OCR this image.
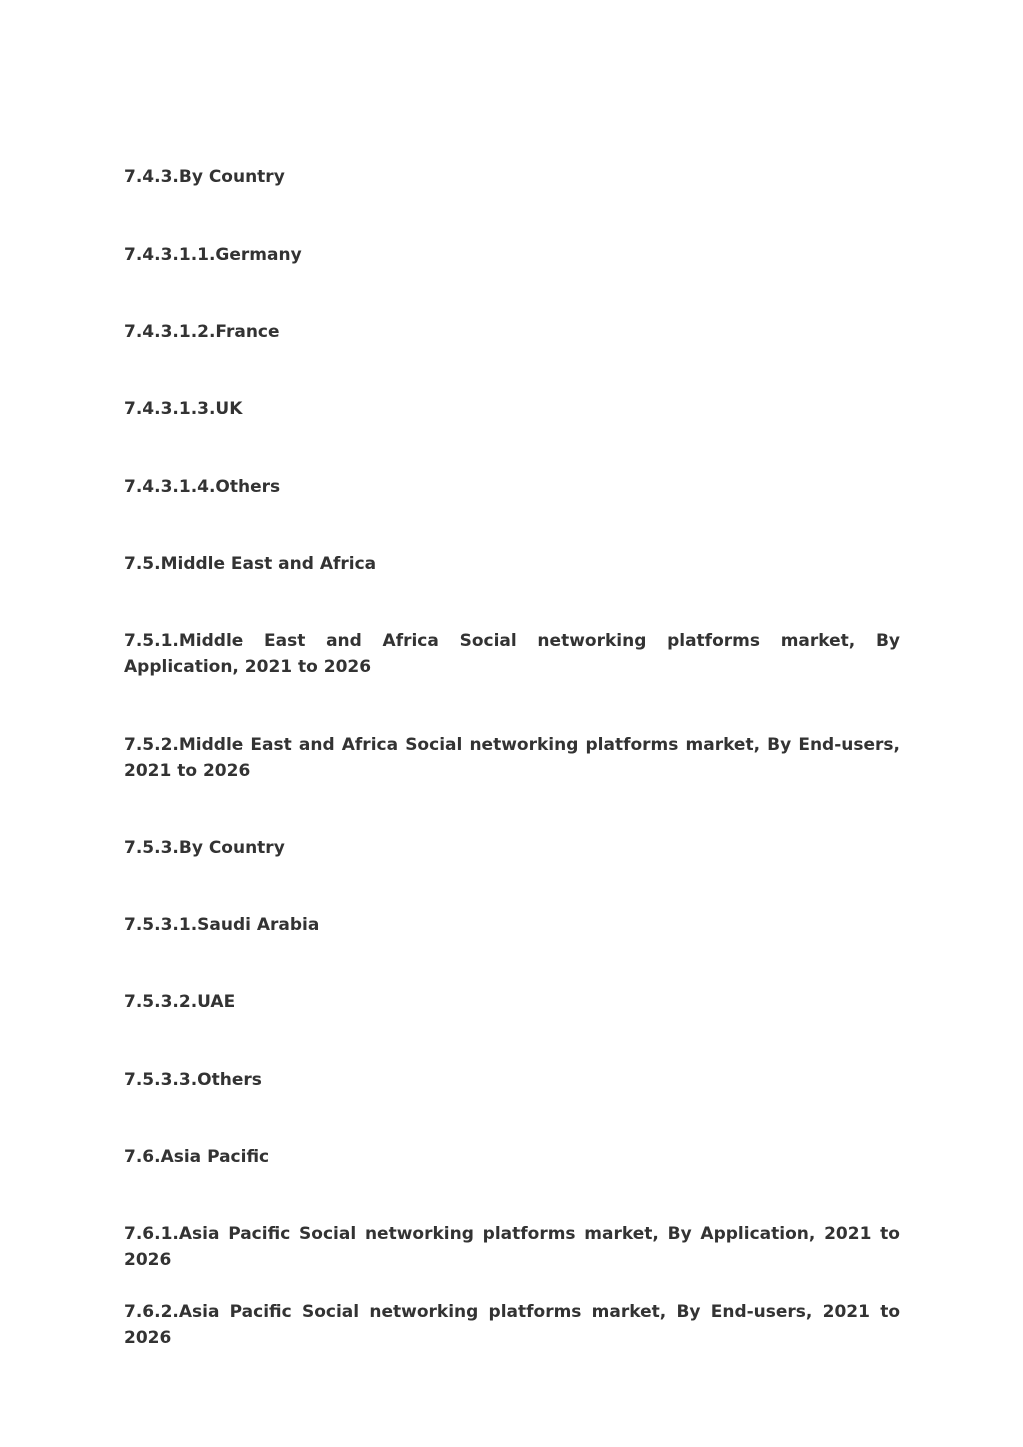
7.4.3.By Country

7.4.3.1.1.Germany

7.4.3.1.2.France

7.4.3.1.3.UK

7.4.3.1.4.Others

7.5.Middle East and Africa

7.5.1.Middle East and Africa Social networking platforms market, By Application, 2021 to 2026

7.5.2.Middle East and Africa Social networking platforms market, By End-users, 2021 to 2026

7.5.3.By Country

7.5.3.1.Saudi Arabia

7.5.3.2.UAE

7.5.3.3.Others

7.6.Asia Pacific

7.6.1.Asia Pacific Social networking platforms market, By Application, 2021 to 2026

7.6.2.Asia Pacific Social networking platforms market, By End-users, 2021 to 2026
